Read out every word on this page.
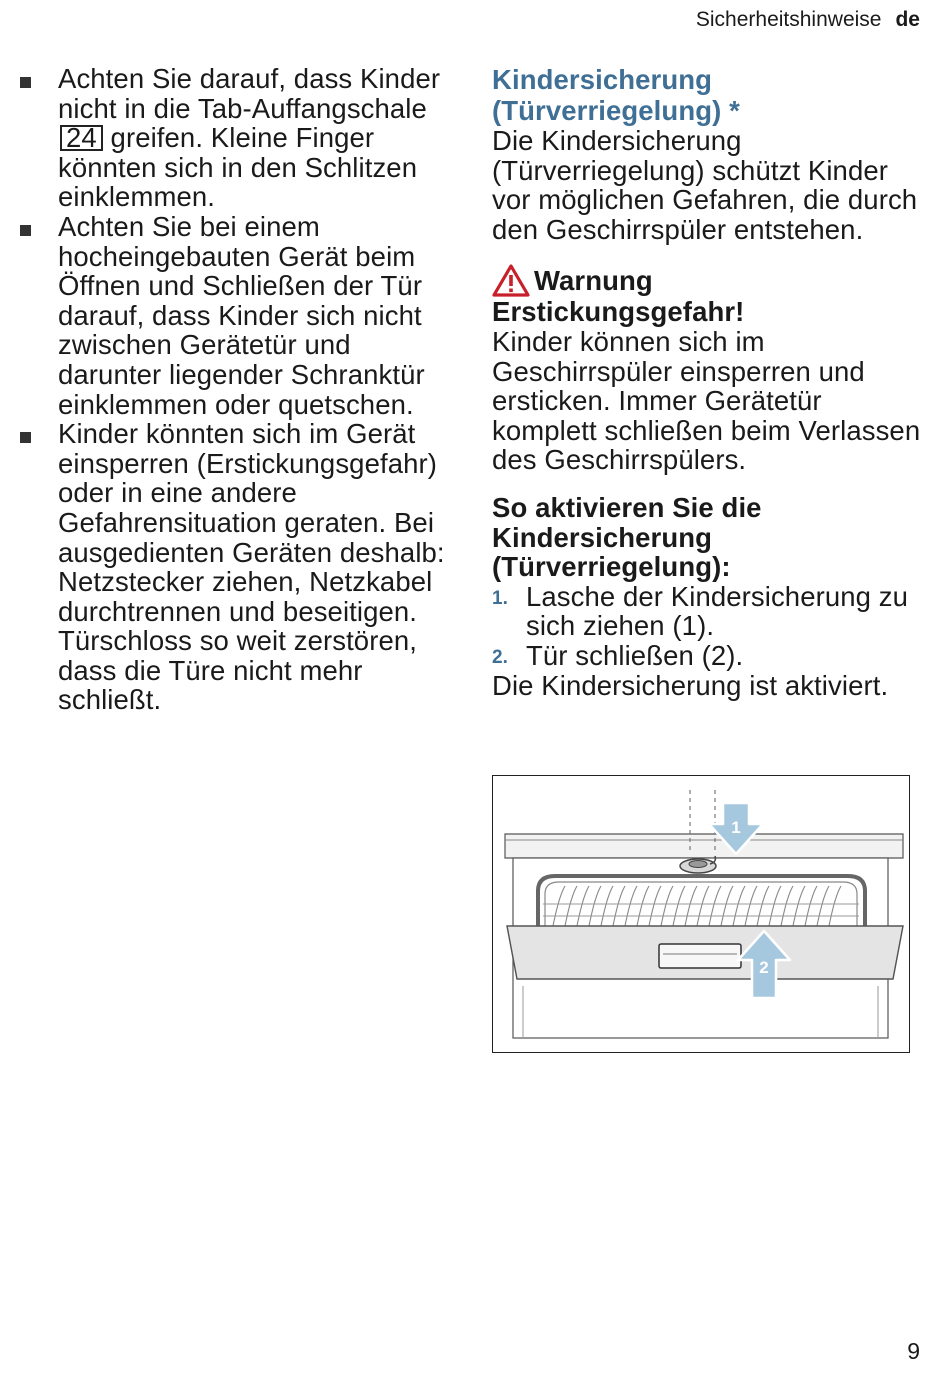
Sicherheitshinweise de
Achten Sie darauf, dass Kinder nicht in die Tab-Auffangschale 24 greifen. Kleine Finger könnten sich in den Schlitzen einklemmen.
Achten Sie bei einem hocheingebauten Gerät beim Öffnen und Schließen der Tür darauf, dass Kinder sich nicht zwischen Gerätetür und darunter liegender Schranktür einklemmen oder quetschen.
Kinder könnten sich im Gerät einsperren (Erstickungsgefahr) oder in eine andere Gefahrensituation geraten. Bei ausgedienten Geräten deshalb: Netzstecker ziehen, Netzkabel durchtrennen und beseitigen. Türschloss so weit zerstören, dass die Türe nicht mehr schließt.
Kindersicherung (Türverriegelung) *
Die Kindersicherung (Türverriegelung) schützt Kinder vor möglichen Gefahren, die durch den Geschirrspüler entstehen.
Warnung
Erstickungsgefahr!
Kinder können sich im Geschirrspüler einsperren und ersticken. Immer Gerätetür komplett schließen beim Verlassen des Geschirrspülers.
So aktivieren Sie die Kindersicherung (Türverriegelung):
1. Lasche der Kindersicherung zu sich ziehen (1).
2. Tür schließen (2).
Die Kindersicherung ist aktiviert.
1
2
9
